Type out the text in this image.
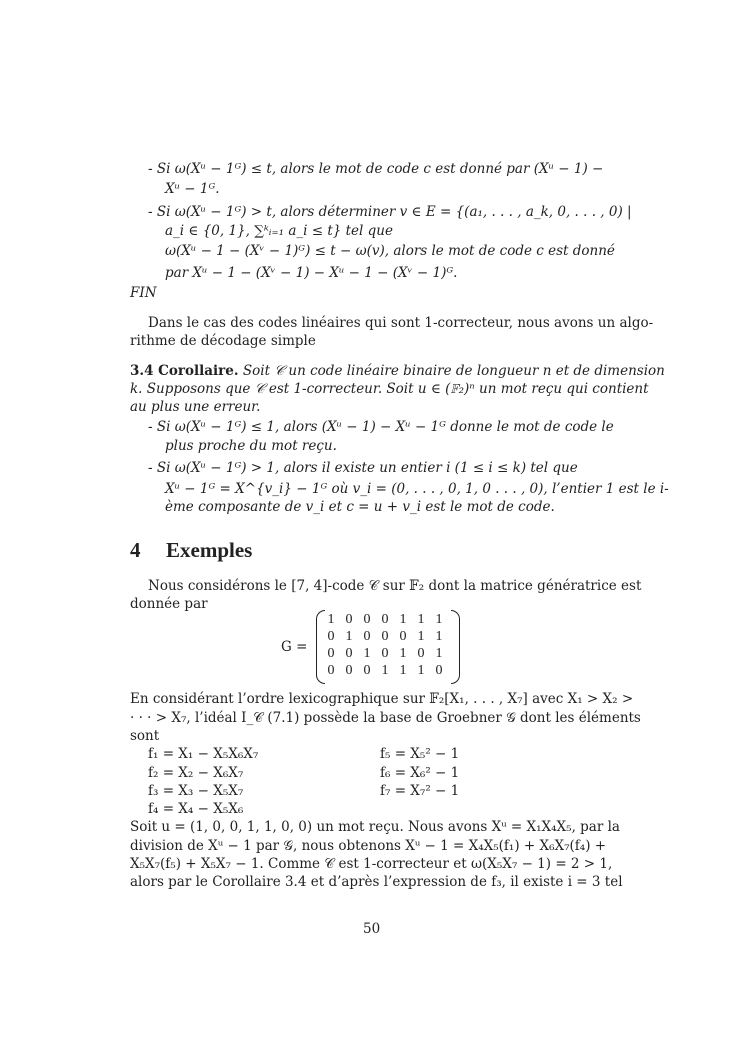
- Si ω(Xᵘ − 1ᴳ) ≤ t, alors le mot de code c est donné par (Xᵘ − 1) −
Xᵘ − 1ᴳ.
- Si ω(Xᵘ − 1ᴳ) > t, alors déterminer v ∈ E = {(a₁, . . . , a_k, 0, . . . , 0) |
a_i ∈ {0, 1}, ∑ᵏᵢ₌₁ a_i ≤ t} tel que
ω(Xᵘ − 1 − (Xᵛ − 1)ᴳ) ≤ t − ω(v), alors le mot de code c est donné
par Xᵘ − 1 − (Xᵛ − 1) − Xᵘ − 1 − (Xᵛ − 1)ᴳ.
FIN
Dans le cas des codes linéaires qui sont 1-correcteur, nous avons un algo-
rithme de décodage simple
3.4 Corollaire. Soit 𝒞 un code linéaire binaire de longueur n et de dimension
k. Supposons que 𝒞 est 1-correcteur. Soit u ∈ (𝔽₂)ⁿ un mot reçu qui contient
au plus une erreur.
- Si ω(Xᵘ − 1ᴳ) ≤ 1, alors (Xᵘ − 1) − Xᵘ − 1ᴳ donne le mot de code le
plus proche du mot reçu.
- Si ω(Xᵘ − 1ᴳ) > 1, alors il existe un entier i (1 ≤ i ≤ k) tel que
Xᵘ − 1ᴳ = X^{v_i} − 1ᴳ où v_i = (0, . . . , 0, 1, 0 . . . , 0), l’entier 1 est le i-
ème composante de v_i et c = u + v_i est le mot de code.
4 Exemples
Nous considérons le [7, 4]-code 𝒞 sur 𝔽₂ dont la matrice génératrice est
donnée par
G =
1 0 0 0 1 1 1
0 1 0 0 0 1 1
0 0 1 0 1 0 1
0 0 0 1 1 1 0
En considérant l’ordre lexicographique sur 𝔽₂[X₁, . . . , X₇] avec X₁ > X₂ >
· · · > X₇, l’idéal I_𝒞 (7.1) possède la base de Groebner 𝒢 dont les éléments
sont
f₁ = X₁ − X₅X₆X₇
f₂ = X₂ − X₆X₇
f₃ = X₃ − X₅X₇
f₄ = X₄ − X₅X₆
f₅ = X₅² − 1
f₆ = X₆² − 1
f₇ = X₇² − 1
Soit u = (1, 0, 0, 1, 1, 0, 0) un mot reçu. Nous avons Xᵘ = X₁X₄X₅, par la
division de Xᵘ − 1 par 𝒢, nous obtenons Xᵘ − 1 = X₄X₅(f₁) + X₆X₇(f₄) +
X₅X₇(f₅) + X₅X₇ − 1. Comme 𝒞 est 1-correcteur et ω(X₅X₇ − 1) = 2 > 1,
alors par le Corollaire 3.4 et d’après l’expression de f₃, il existe i = 3 tel
50
